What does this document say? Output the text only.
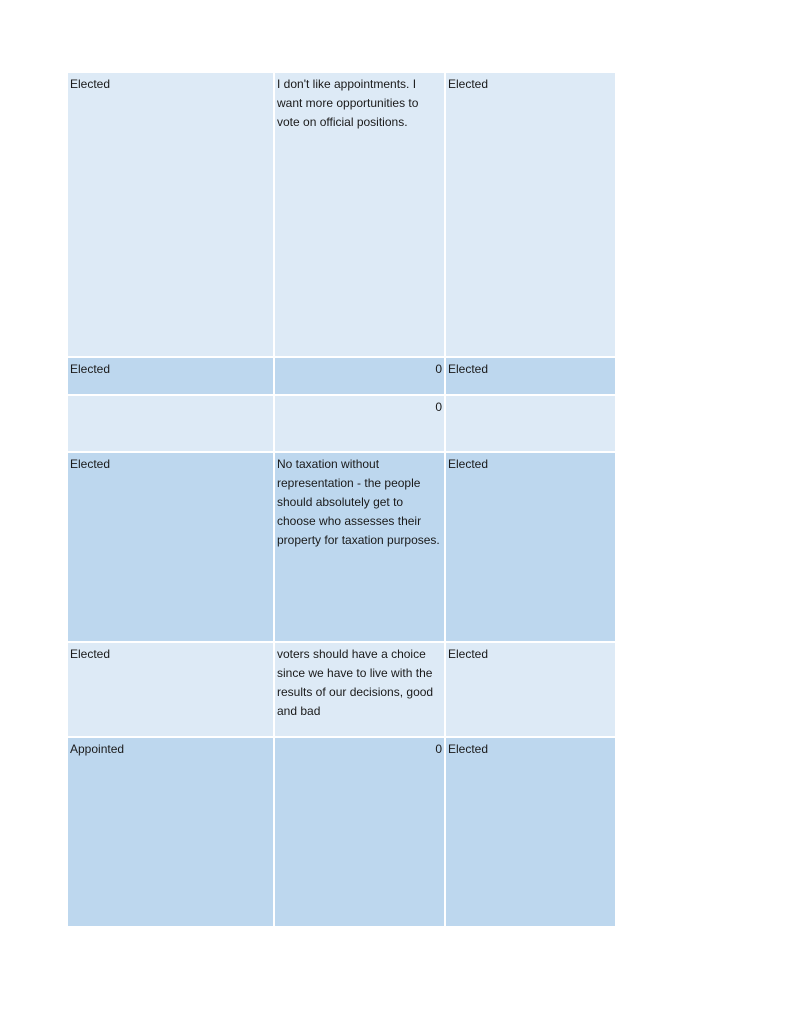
Elected	I don't like appointments. I want more opportunities to vote on official positions.	Elected
Elected	0	Elected
	0	
Elected	No taxation without representation - the people should absolutely get to choose who assesses their property for taxation purposes.	Elected
Elected	voters should have a choice since we have to live with the results of our decisions, good and bad	Elected
Appointed	0	Elected
